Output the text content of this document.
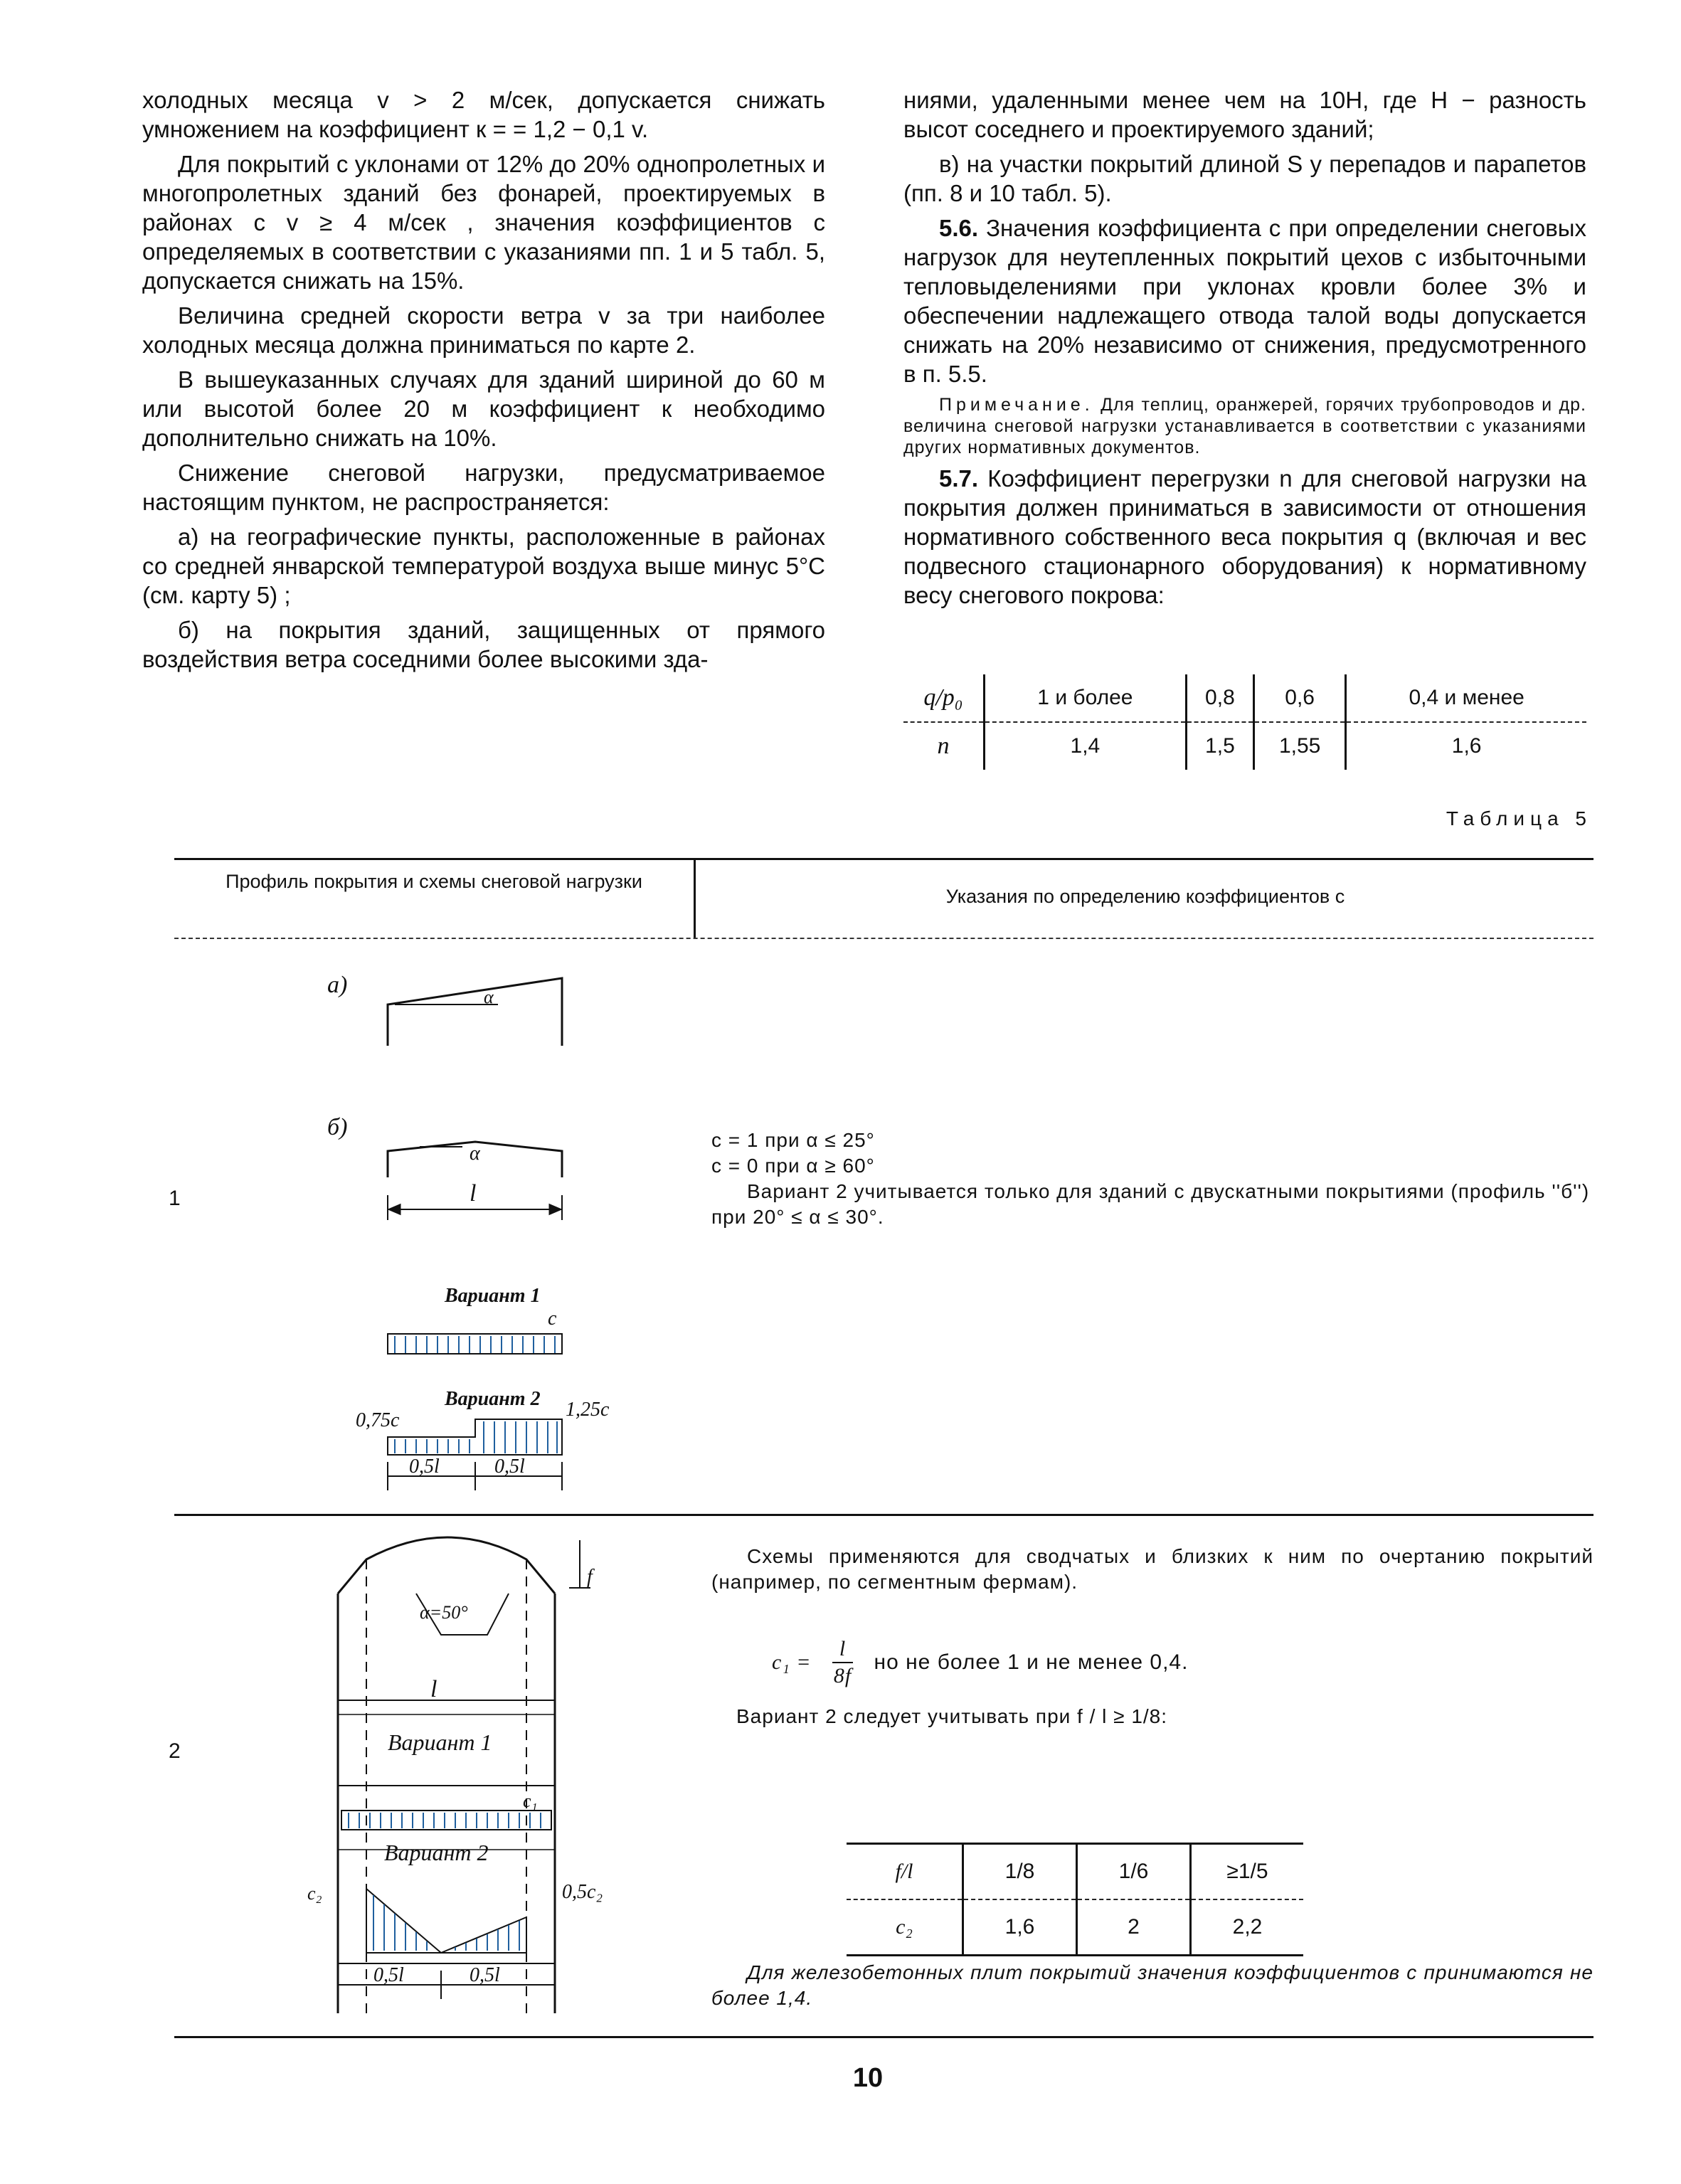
холодных месяца v > 2 м/сек, допускается снижать умножением на коэффициент к = = 1,2 − 0,1 v.

Для покрытий с уклонами от 12% до 20% однопролетных и многопролетных зданий без фонарей, проектируемых в районах с v ≥ 4 м/сек , значения коэффициентов c определяемых в соответствии с указаниями пп. 1 и 5 табл. 5, допускается снижать на 15%.

Величина средней скорости ветра v за три наиболее холодных месяца должна приниматься по карте 2.

В вышеуказанных случаях для зданий шириной до 60 м или высотой более 20 м коэффициент к необходимо дополнительно снижать на 10%.

Снижение снеговой нагрузки, предусматриваемое настоящим пунктом, не распространяется:

а) на географические пункты, расположенные в районах со средней январской температурой воздуха выше минус 5°С (см. карту 5) ;

б) на покрытия зданий, защищенных от прямого воздействия ветра соседними более высокими зда-

ниями, удаленными менее чем на 10H, где H − разность высот соседнего и проектируемого зданий;

в) на участки покрытий длиной S у перепадов и парапетов (пп. 8 и 10 табл. 5).

5.6. Значения коэффициента c при определении снеговых нагрузок для неутепленных покрытий цехов с избыточными тепловыделениями при уклонах кровли более 3% и обеспечении надлежащего отвода талой воды допускается снижать на 20% независимо от снижения, предусмотренного в п. 5.5.

Примечание. Для теплиц, оранжерей, горячих трубопроводов и др. величина снеговой нагрузки устанавливается в соответствии с указаниями других нормативных документов.

5.7. Коэффициент перегрузки n для снеговой нагрузки на покрытия должен приниматься в зависимости от отношения нормативного собственного веса покрытия q (включая и вес подвесного стационарного оборудования) к нормативному весу снегового покрова:

q/p₀	1 и более	0,8	0,6	0,4 и менее
n	1,4	1,5	1,55	1,6
Таблица 5
Профиль покрытия и схемы снеговой нагрузки
Указания по определению коэффициентов c
1
а)
б)
α
α
l
Вариант 1
c
Вариант 2
0,75c	1,25c
0,5l	0,5l
α=50°
f
l
Вариант 1
c₁
Вариант 2
c₂	0,5c₂
0,5l	0,5l

c = 1 при α ≤ 25°

c = 0 при α ≥ 60°

Вариант 2 учитывается только для зданий с двускатными покрытиями (профиль ''б'') при 20° ≤ α ≤ 30°.

2

Схемы применяются для сводчатых и близких к ним по очертанию покрытий (например, по сегментным фермам).

$c_1 = \frac{l}{8f}$ но не более 1 и не менее 0,4.
Вариант 2 следует учитывать при f / l ≥ 1/8:
f/l	1/8	1/6	≥1/5
c₂	1,6	2	2,2

Для железобетонных плит покрытий значения коэффициентов c принимаются не более 1,4.

10
